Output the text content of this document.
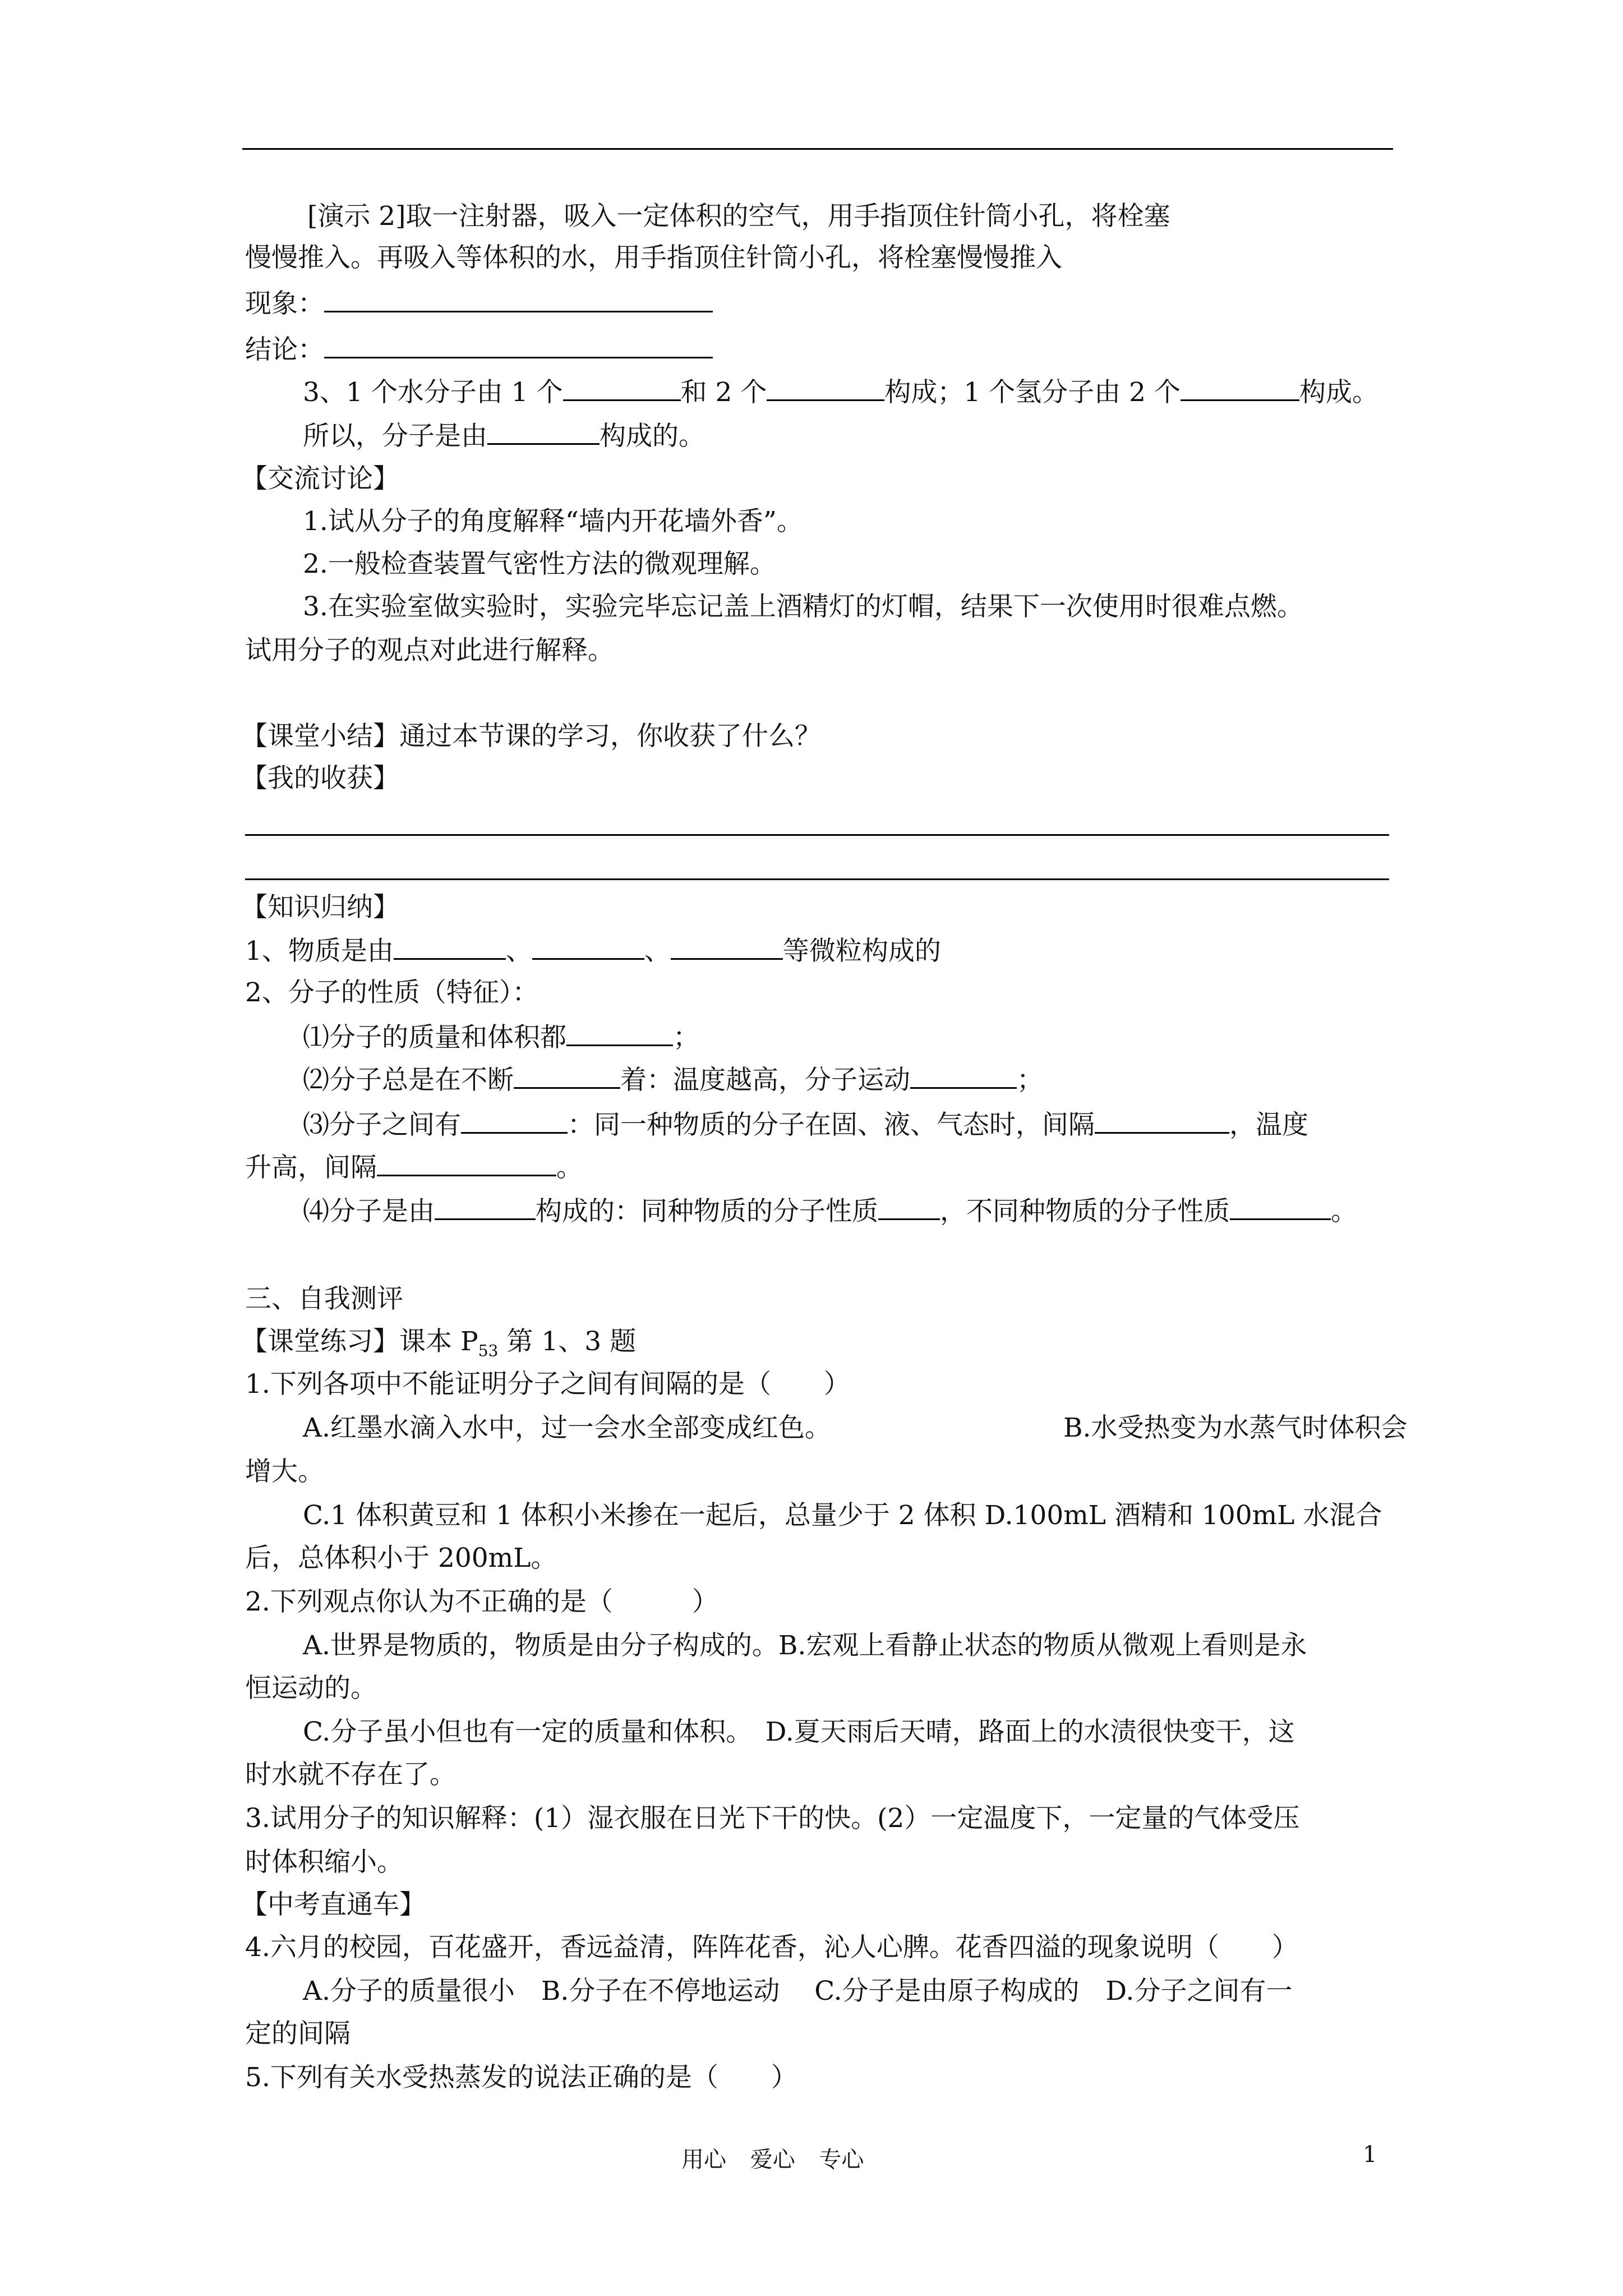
[演示 2]取一注射器，吸入一定体积的空气，用手指顶住针筒小孔，将栓塞
慢慢推入。再吸入等体积的水，用手指顶住针筒小孔，将栓塞慢慢推入
现象：
结论：
3、1 个水分子由 1 个	和 2 个	构成；1 个氢分子由 2 个	构成。
所以，分子是由	构成的。
【交流讨论】
1.试从分子的角度解释“墙内开花墙外香”。
2.一般检查装置气密性方法的微观理解。
3.在实验室做实验时，实验完毕忘记盖上酒精灯的灯帽，结果下一次使用时很难点燃。
试用分子的观点对此进行解释。
【课堂小结】通过本节课的学习，你收获了什么？
【我的收获】
【知识归纳】
1、物质是由	、	、	等微粒构成的
2、分子的性质（特征）：
⑴分子的质量和体积都	；
⑵分子总是在不断	着：温度越高，分子运动	；
⑶分子之间有	：同一种物质的分子在固、液、气态时，间隔	，温度
升高，间隔	。
⑷分子是由	构成的：同种物质的分子性质 ，不同种物质的分子性质	。
三、自我测评
【课堂练习】课本 $P_{53}$ 第 1、3 题
1.下列各项中不能证明分子之间有间隔的是（　　）
A.红墨水滴入水中，过一会水全部变成红色。	B.水受热变为水蒸气时体积会
增大。
C.1 体积黄豆和 1 体积小米掺在一起后，总量少于 2 体积 D.100mL 酒精和 100mL 水混合
后，总体积小于 200mL。
2.下列观点你认为不正确的是（　　　）
A.世界是物质的，物质是由分子构成的。B.宏观上看静止状态的物质从微观上看则是永
恒运动的。
C.分子虽小但也有一定的质量和体积。　D.夏天雨后天晴，路面上的水渍很快变干，这
时水就不存在了。
3.试用分子的知识解释：(1）湿衣服在日光下干的快。(2）一定温度下，一定量的气体受压
时体积缩小。
【中考直通车】
4.六月的校园，百花盛开，香远益清，阵阵花香，沁人心脾。花香四溢的现象说明（　　）
A.分子的质量很小　B.分子在不停地运动　 C.分子是由原子构成的　D.分子之间有一
定的间隔
5.下列有关水受热蒸发的说法正确的是（　　）
用心 爱心 专心	1
